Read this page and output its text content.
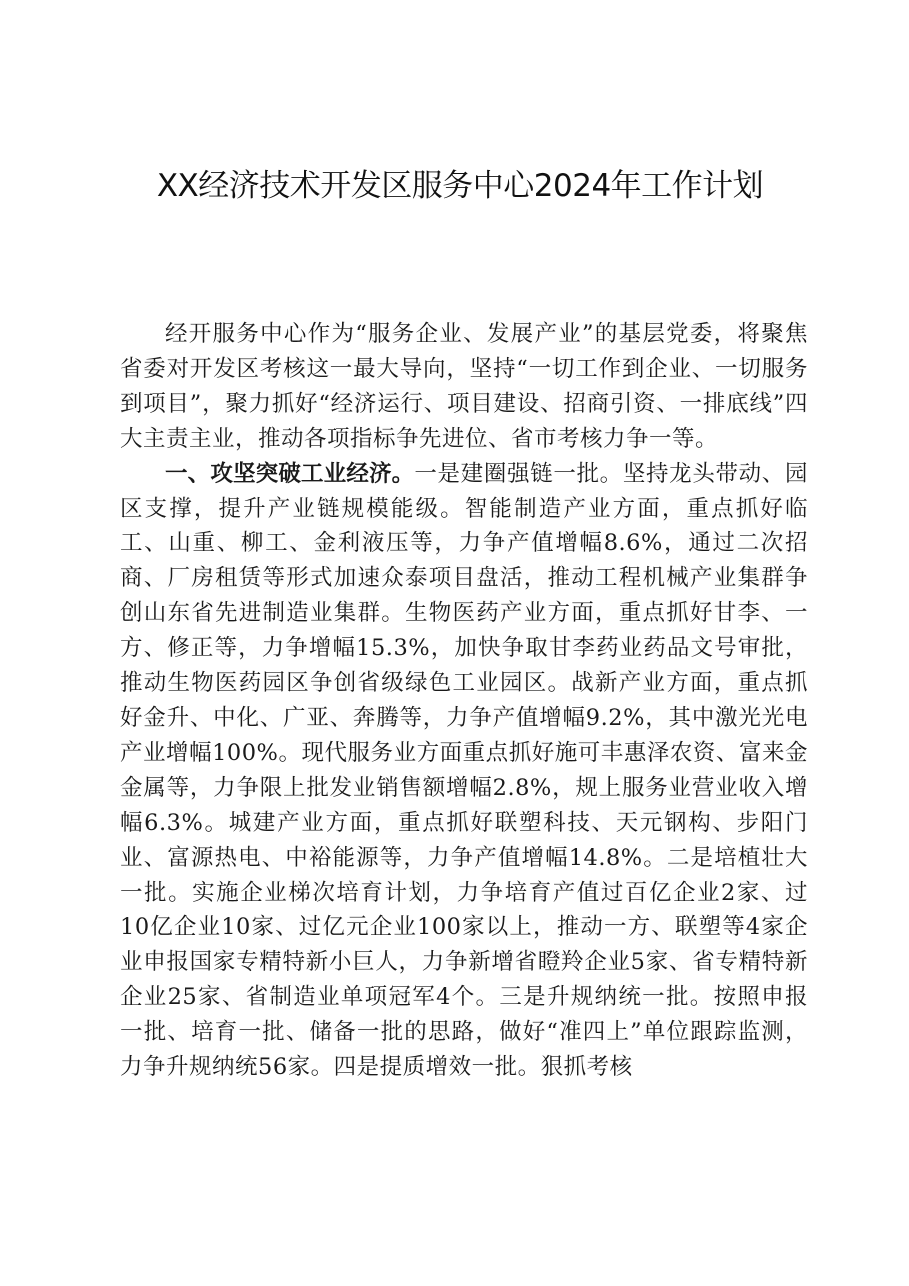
XX经济技术开发区服务中心2024年工作计划

经开服务中心作为“服务企业、发展产业”的基层党委，将聚焦省委对开发区考核这一最大导向，坚持“一切工作到企业、一切服务到项目”，聚力抓好“经济运行、项目建设、招商引资、一排底线”四大主责主业，推动各项指标争先进位、省市考核力争一等。

一、攻坚突破工业经济。一是建圈强链一批。坚持龙头带动、园区支撑，提升产业链规模能级。智能制造产业方面，重点抓好临工、山重、柳工、金利液压等，力争产值增幅8.6%，通过二次招商、厂房租赁等形式加速众泰项目盘活，推动工程机械产业集群争创山东省先进制造业集群。生物医药产业方面，重点抓好甘李、一方、修正等，力争增幅15.3%，加快争取甘李药业药品文号审批，推动生物医药园区争创省级绿色工业园区。战新产业方面，重点抓好金升、中化、广亚、奔腾等，力争产值增幅9.2%，其中激光光电产业增幅100%。现代服务业方面重点抓好施可丰惠泽农资、富来金金属等，力争限上批发业销售额增幅2.8%，规上服务业营业收入增幅6.3%。城建产业方面，重点抓好联塑科技、天元钢构、步阳门业、富源热电、中裕能源等，力争产值增幅14.8%。二是培植壮大一批。实施企业梯次培育计划，力争培育产值过百亿企业2家、过10亿企业10家、过亿元企业100家以上，推动一方、联塑等4家企业申报国家专精特新小巨人，力争新增省瞪羚企业5家、省专精特新企业25家、省制造业单项冠军4个。三是升规纳统一批。按照申报一批、培育一批、储备一批的思路，做好“准四上”单位跟踪监测，力争升规纳统56家。四是提质增效一批。狠抓考核
